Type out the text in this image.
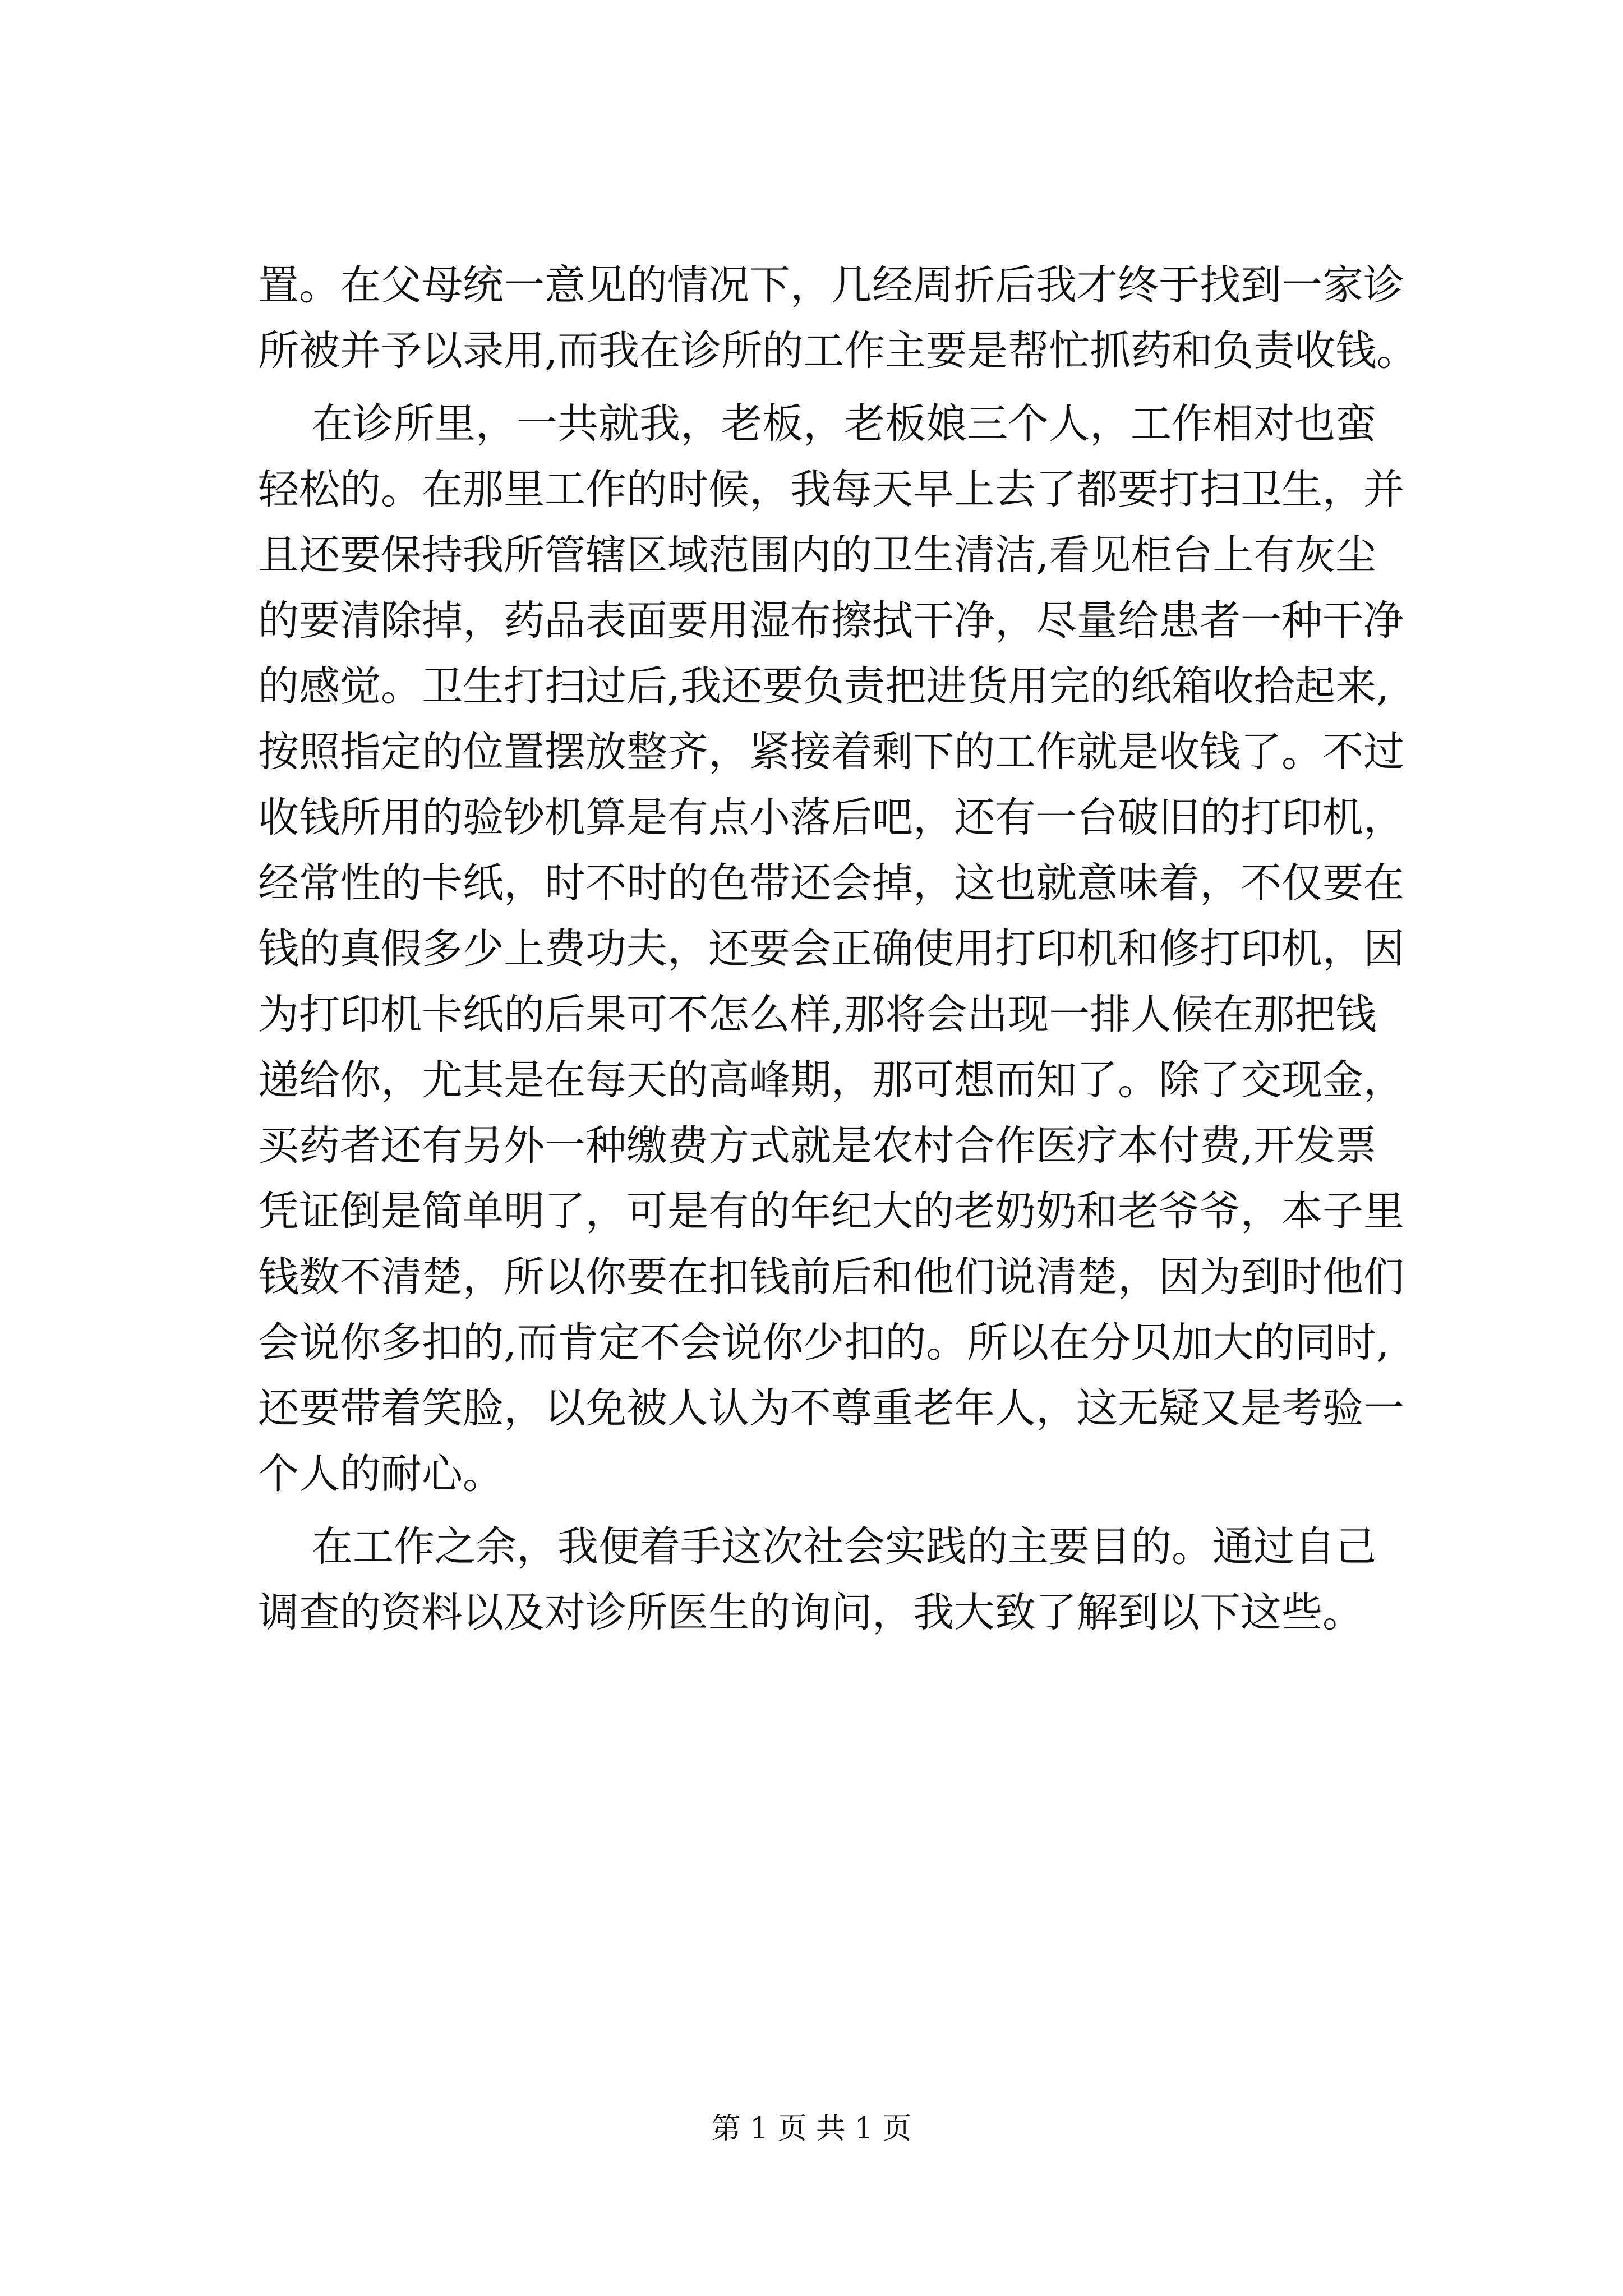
置。在父母统一意见的情况下，几经周折后我才终于找到一家诊
所被并予以录用,而我在诊所的工作主要是帮忙抓药和负责收钱。
在诊所里，一共就我，老板，老板娘三个人，工作相对也蛮
轻松的。在那里工作的时候，我每天早上去了都要打扫卫生，并
且还要保持我所管辖区域范围内的卫生清洁,看见柜台上有灰尘
的要清除掉，药品表面要用湿布擦拭干净，尽量给患者一种干净
的感觉。卫生打扫过后,我还要负责把进货用完的纸箱收拾起来,
按照指定的位置摆放整齐，紧接着剩下的工作就是收钱了。不过
收钱所用的验钞机算是有点小落后吧，还有一台破旧的打印机，
经常性的卡纸，时不时的色带还会掉，这也就意味着，不仅要在
钱的真假多少上费功夫，还要会正确使用打印机和修打印机，因
为打印机卡纸的后果可不怎么样,那将会出现一排人候在那把钱
递给你，尤其是在每天的高峰期，那可想而知了。除了交现金，
买药者还有另外一种缴费方式就是农村合作医疗本付费,开发票
凭证倒是简单明了，可是有的年纪大的老奶奶和老爷爷，本子里
钱数不清楚，所以你要在扣钱前后和他们说清楚，因为到时他们
会说你多扣的,而肯定不会说你少扣的。所以在分贝加大的同时,
还要带着笑脸，以免被人认为不尊重老年人，这无疑又是考验一
个人的耐心。
在工作之余，我便着手这次社会实践的主要目的。通过自己
调查的资料以及对诊所医生的询问，我大致了解到以下这些。
第 1 页 共 1 页
